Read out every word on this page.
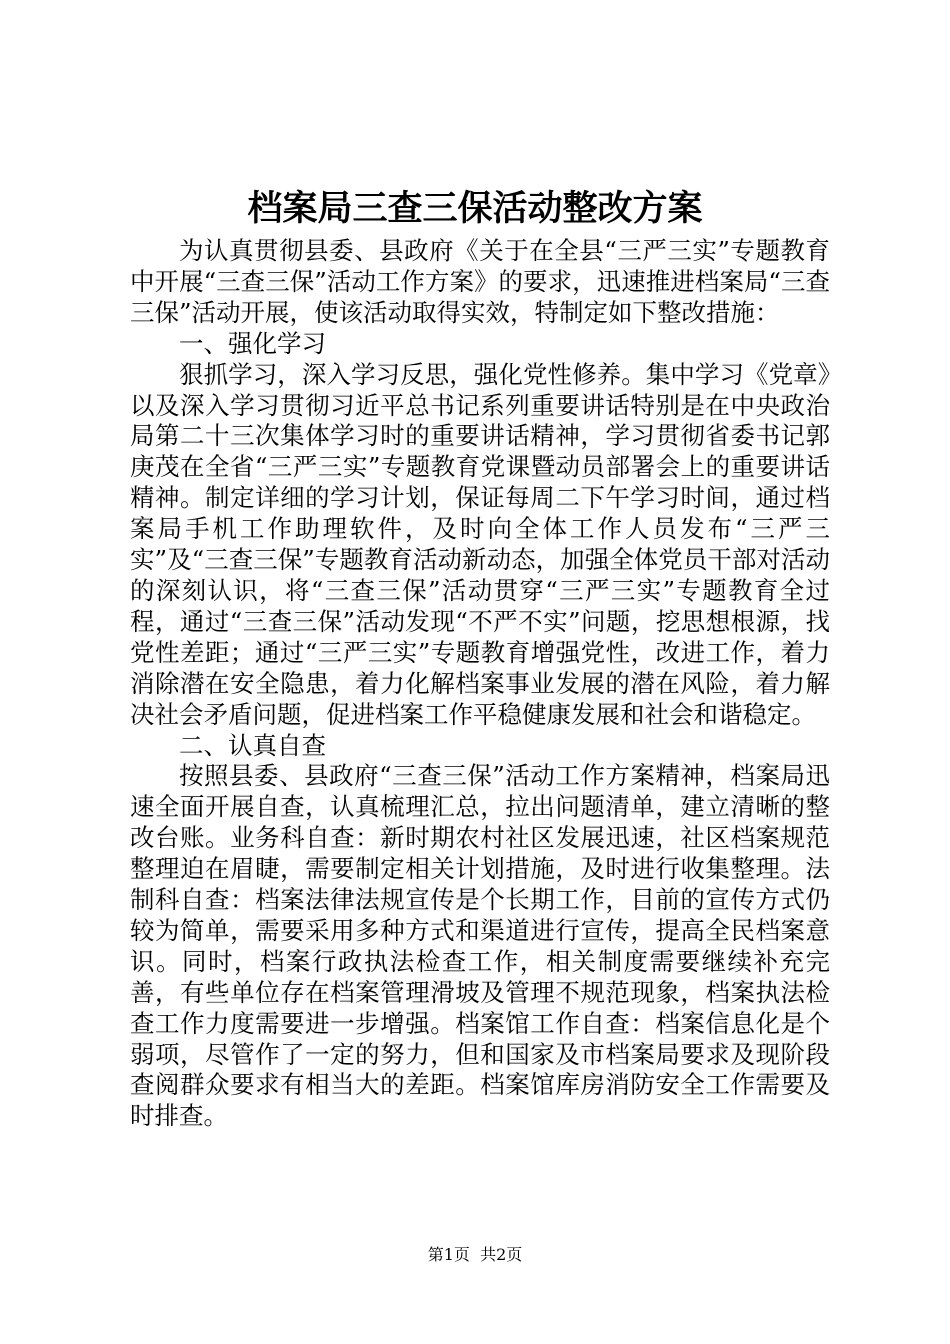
档案局三查三保活动整改方案

为认真贯彻县委、县政府《关于在全县“三严三实”专题教育中开展“三查三保”活动工作方案》的要求，迅速推进档案局“三查三保”活动开展，使该活动取得实效，特制定如下整改措施：

一、强化学习

狠抓学习，深入学习反思，强化党性修养。集中学习《党章》以及深入学习贯彻习近平总书记系列重要讲话特别是在中央政治局第二十三次集体学习时的重要讲话精神，学习贯彻省委书记郭庚茂在全省“三严三实”专题教育党课暨动员部署会上的重要讲话精神。制定详细的学习计划，保证每周二下午学习时间，通过档案局手机工作助理软件，及时向全体工作人员发布“三严三实”及“三查三保”专题教育活动新动态，加强全体党员干部对活动的深刻认识，将“三查三保”活动贯穿“三严三实”专题教育全过程，通过“三查三保”活动发现“不严不实”问题，挖思想根源，找党性差距；通过“三严三实”专题教育增强党性，改进工作，着力消除潜在安全隐患，着力化解档案事业发展的潜在风险，着力解决社会矛盾问题，促进档案工作平稳健康发展和社会和谐稳定。

二、认真自查

按照县委、县政府“三查三保”活动工作方案精神，档案局迅速全面开展自查，认真梳理汇总，拉出问题清单，建立清晰的整改台账。业务科自查：新时期农村社区发展迅速，社区档案规范整理迫在眉睫，需要制定相关计划措施，及时进行收集整理。法制科自查：档案法律法规宣传是个长期工作，目前的宣传方式仍较为简单，需要采用多种方式和渠道进行宣传，提高全民档案意识。同时，档案行政执法检查工作，相关制度需要继续补充完善，有些单位存在档案管理滑坡及管理不规范现象，档案执法检查工作力度需要进一步增强。档案馆工作自查：档案信息化是个弱项，尽管作了一定的努力，但和国家及市档案局要求及现阶段查阅群众要求有相当大的差距。档案馆库房消防安全工作需要及时排查。

第1页  共2页
